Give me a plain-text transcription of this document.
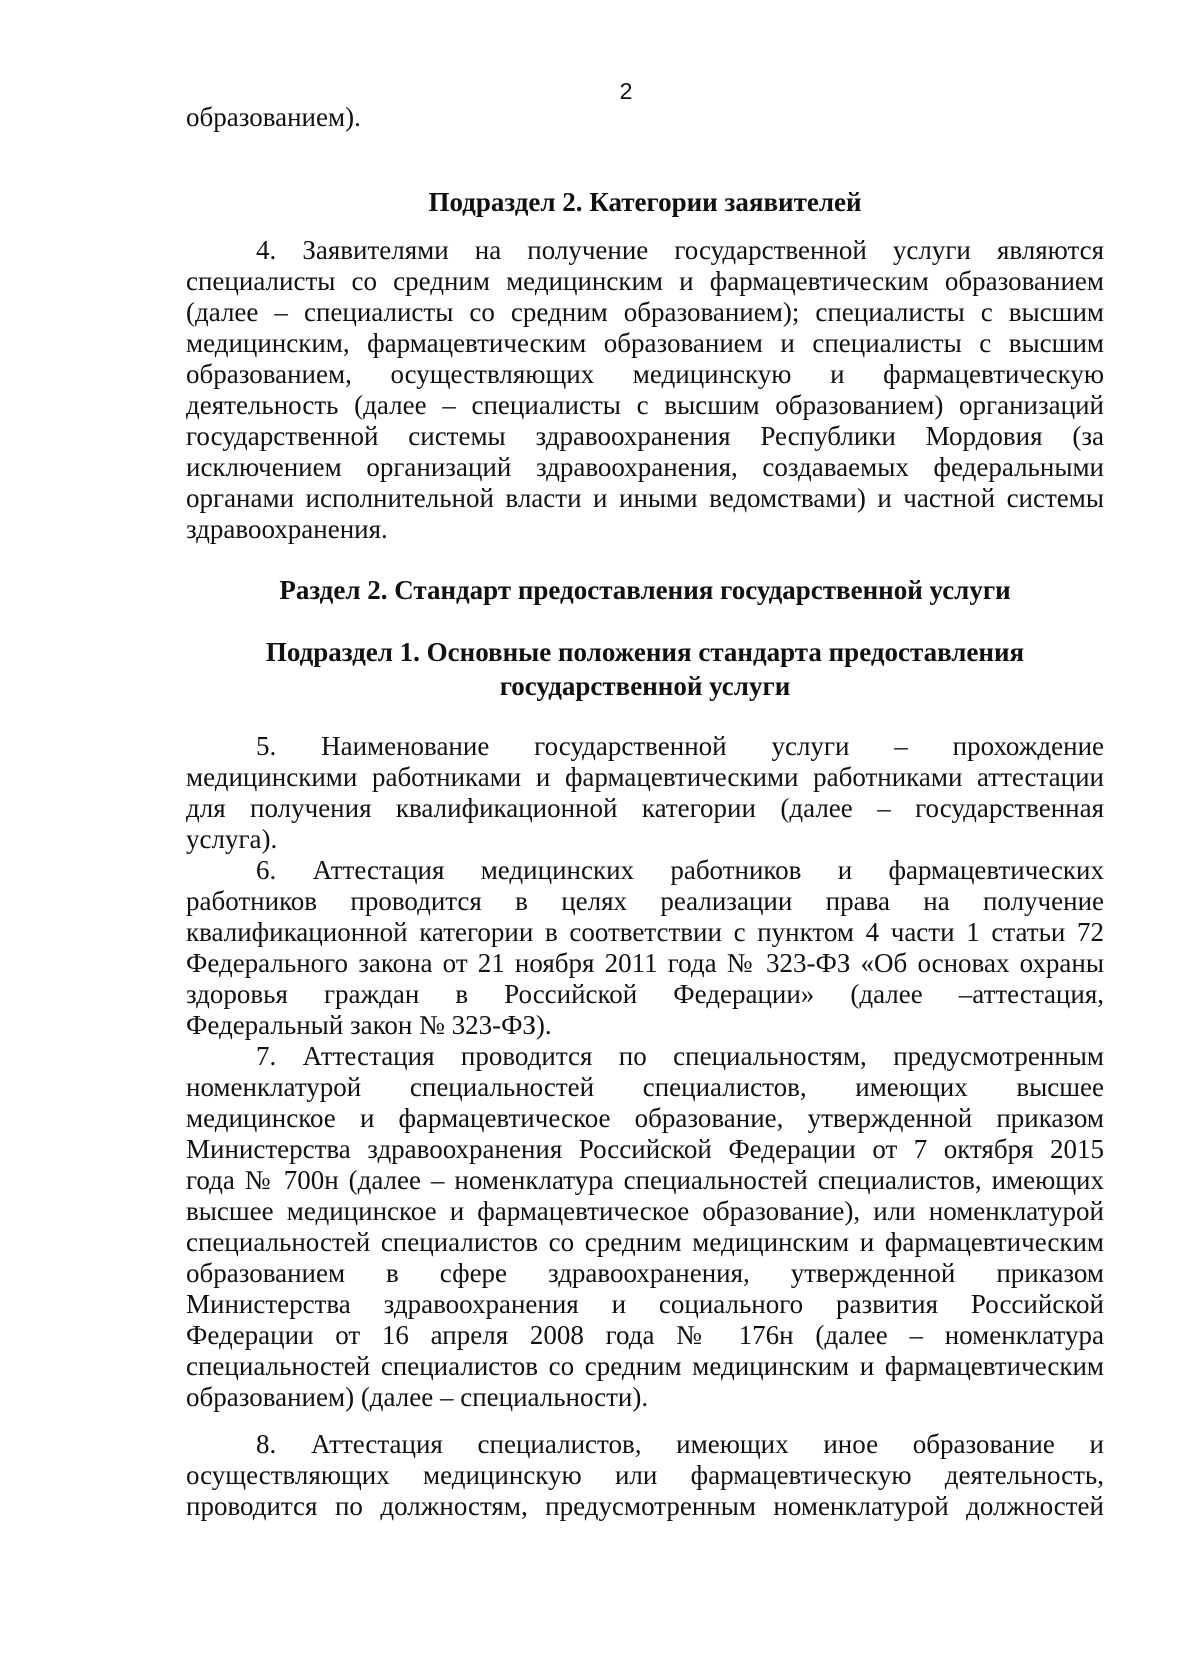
2
образованием).
Подраздел 2. Категории заявителей
4. Заявителями на получение государственной услуги являются
специалисты со средним медицинским и фармацевтическим образованием
(далее – специалисты со средним образованием); специалисты с высшим
медицинским, фармацевтическим образованием и специалисты с высшим
образованием, осуществляющих медицинскую и фармацевтическую
деятельность (далее – специалисты с высшим образованием) организаций
государственной системы здравоохранения Республики Мордовия (за
исключением организаций здравоохранения, создаваемых федеральными
органами исполнительной власти и иными ведомствами) и частной системы
здравоохранения.
Раздел 2. Стандарт предоставления государственной услуги
Подраздел 1. Основные положения стандарта предоставления
государственной услуги
5. Наименование государственной услуги – прохождение
медицинскими работниками и фармацевтическими работниками аттестации
для получения квалификационной категории (далее – государственная
услуга).
6. Аттестация медицинских работников и фармацевтических
работников проводится в целях реализации права на получение
квалификационной категории в соответствии с пунктом 4 части 1 статьи 72
Федерального закона от 21 ноября 2011 года № 323-ФЗ «Об основах охраны
здоровья граждан в Российской Федерации» (далее –аттестация,
Федеральный закон № 323-ФЗ).
7. Аттестация проводится по специальностям, предусмотренным
номенклатурой специальностей специалистов, имеющих высшее
медицинское и фармацевтическое образование, утвержденной приказом
Министерства здравоохранения Российской Федерации от 7 октября 2015
года № 700н (далее – номенклатура специальностей специалистов, имеющих
высшее медицинское и фармацевтическое образование), или номенклатурой
специальностей специалистов со средним медицинским и фармацевтическим
образованием в сфере здравоохранения, утвержденной приказом
Министерства здравоохранения и социального развития Российской
Федерации от 16 апреля 2008 года № 176н (далее – номенклатура
специальностей специалистов со средним медицинским и фармацевтическим
образованием) (далее – специальности).
8. Аттестация специалистов, имеющих иное образование и
осуществляющих медицинскую или фармацевтическую деятельность,
проводится по должностям, предусмотренным номенклатурой должностей
